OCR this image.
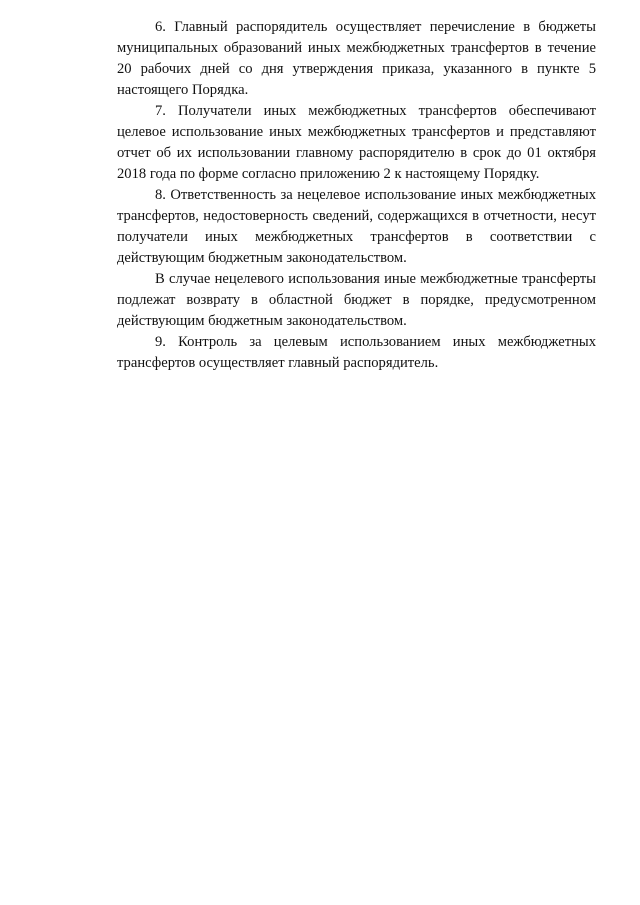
6. Главный распорядитель осуществляет перечисление в бюджеты муниципальных образований иных межбюджетных трансфертов в течение 20 рабочих дней со дня утверждения приказа, указанного в пункте 5 настоящего Порядка.

7. Получатели иных межбюджетных трансфертов обеспечивают целевое использование иных межбюджетных трансфертов и представляют отчет об их использовании главному распорядителю в срок до 01 октября 2018 года по форме согласно приложению 2 к настоящему Порядку.

8. Ответственность за нецелевое использование иных межбюджетных трансфертов, недостоверность сведений, содержащихся в отчетности, несут получатели иных межбюджетных трансфертов в соответствии с действующим бюджетным законодательством.

В случае нецелевого использования иные межбюджетные трансферты подлежат возврату в областной бюджет в порядке, предусмотренном действующим бюджетным законодательством.

9. Контроль за целевым использованием иных межбюджетных трансфертов осуществляет главный распорядитель.
